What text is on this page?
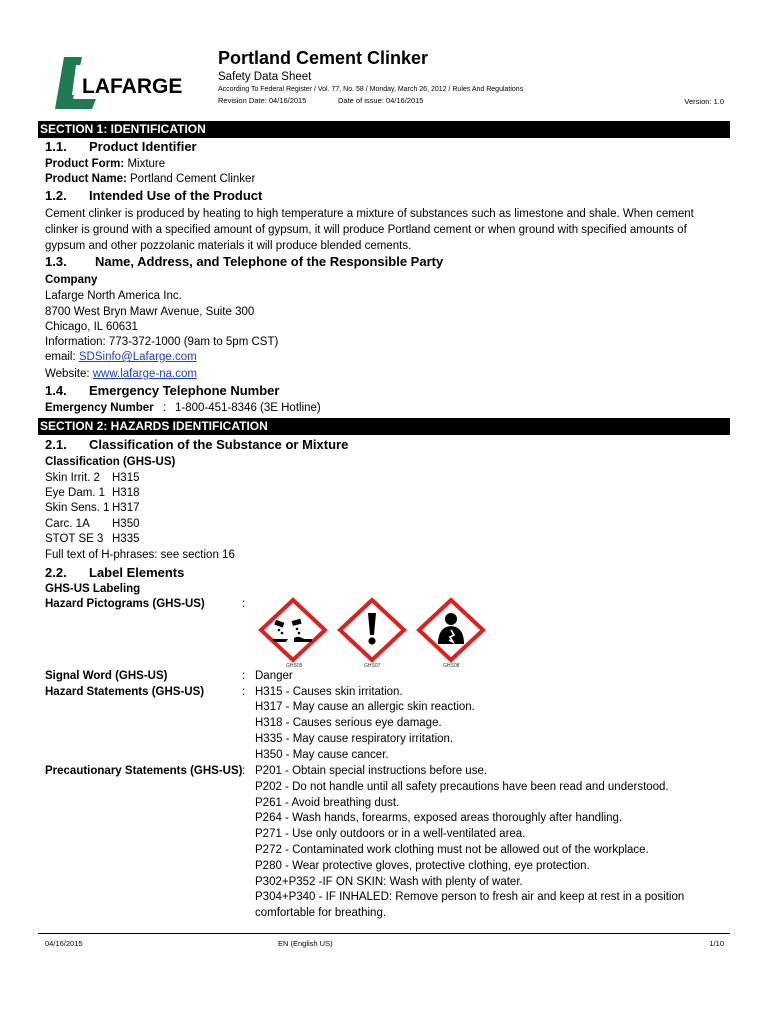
LAFARGE
Portland Cement Clinker
Safety Data Sheet
According To Federal Register / Vol. 77, No. 58 / Monday, March 26, 2012 / Rules And Regulations
Revision Date: 04/16/2015	Date of issue: 04/16/2015	Version: 1.0
SECTION 1: IDENTIFICATION
1.1. Product Identifier
Product Form: Mixture
Product Name: Portland Cement Clinker
1.2. Intended Use of the Product
Cement clinker is produced by heating to high temperature a mixture of substances such as limestone and shale. When cement clinker is ground with a specified amount of gypsum, it will produce Portland cement or when ground with specified amounts of gypsum and other pozzolanic materials it will produce blended cements.
1.3. Name, Address, and Telephone of the Responsible Party
Company
Lafarge North America Inc.
8700 West Bryn Mawr Avenue, Suite 300
Chicago, IL 60631
Information: 773-372-1000 (9am to 5pm CST)
email: SDSinfo@Lafarge.com
Website: www.lafarge-na.com
1.4. Emergency Telephone Number
Emergency Number : 1-800-451-8346 (3E Hotline)
SECTION 2: HAZARDS IDENTIFICATION
2.1. Classification of the Substance or Mixture
Classification (GHS-US)
Skin Irrit. 2 H315
Eye Dam. 1 H318
Skin Sens. 1 H317
Carc. 1A H350
STOT SE 3 H335
Full text of H-phrases: see section 16
2.2. Label Elements
GHS-US Labeling
Hazard Pictograms (GHS-US)	:
GHS05	GHS07	GHS08
Signal Word (GHS-US)	: Danger
Hazard Statements (GHS-US)	: H315 - Causes skin irritation.
H317 - May cause an allergic skin reaction.
H318 - Causes serious eye damage.
H335 - May cause respiratory irritation.
H350 - May cause cancer.
Precautionary Statements (GHS-US) : P201 - Obtain special instructions before use.
P202 - Do not handle until all safety precautions have been read and understood.
P261 - Avoid breathing dust.
P264 - Wash hands, forearms, exposed areas thoroughly after handling.
P271 - Use only outdoors or in a well-ventilated area.
P272 - Contaminated work clothing must not be allowed out of the workplace.
P280 - Wear protective gloves, protective clothing, eye protection.
P302+P352 -IF ON SKIN: Wash with plenty of water.
P304+P340 - IF INHALED: Remove person to fresh air and keep at rest in a position
comfortable for breathing.
04/16/2015	EN (English US)	1/10
